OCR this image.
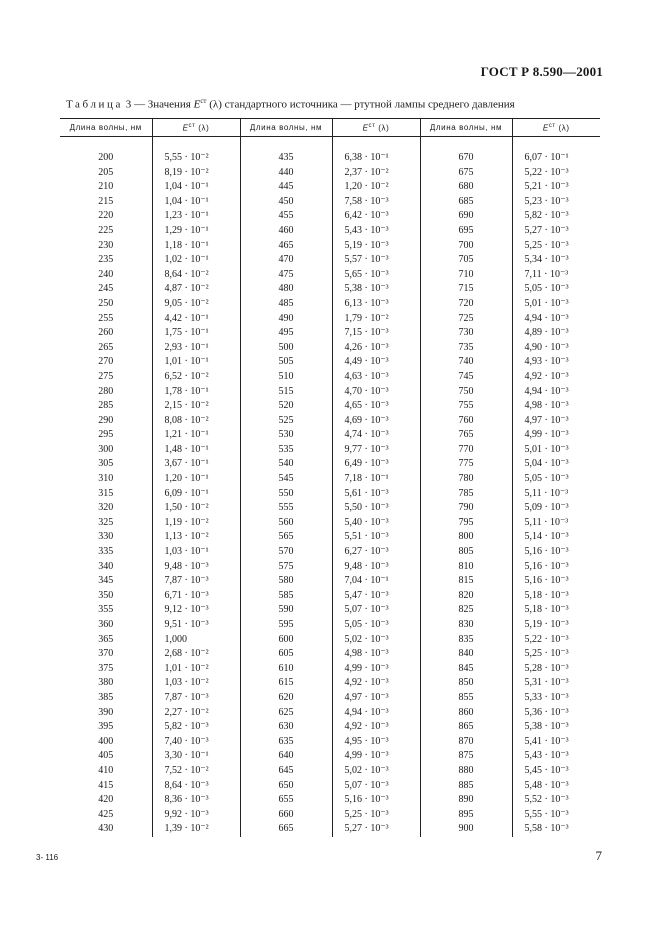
ГОСТ Р 8.590—2001
Таблица 3 — Значения $E^{ст}$ (λ) стандартного источника — ртутной лампы среднего давления
Длина волны, нм	$E^{ст}$ (λ)	Длина волны, нм	$E^{ст}$ (λ)	Длина волны, нм	$E^{ст}$ (λ)

200	5,55 · 10⁻²	435	6,38 · 10⁻¹	670	6,07 · 10⁻¹
205	8,19 · 10⁻²	440	2,37 · 10⁻²	675	5,22 · 10⁻³
210	1,04 · 10⁻¹	445	1,20 · 10⁻²	680	5,21 · 10⁻³
215	1,04 · 10⁻¹	450	7,58 · 10⁻³	685	5,23 · 10⁻³
220	1,23 · 10⁻¹	455	6,42 · 10⁻³	690	5,82 · 10⁻³
225	1,29 · 10⁻¹	460	5,43 · 10⁻³	695	5,27 · 10⁻³
230	1,18 · 10⁻¹	465	5,19 · 10⁻³	700	5,25 · 10⁻³
235	1,02 · 10⁻¹	470	5,57 · 10⁻³	705	5,34 · 10⁻³
240	8,64 · 10⁻²	475	5,65 · 10⁻³	710	7,11 · 10⁻³
245	4,87 · 10⁻²	480	5,38 · 10⁻³	715	5,05 · 10⁻³
250	9,05 · 10⁻²	485	6,13 · 10⁻³	720	5,01 · 10⁻³
255	4,42 · 10⁻¹	490	1,79 · 10⁻²	725	4,94 · 10⁻³
260	1,75 · 10⁻¹	495	7,15 · 10⁻³	730	4,89 · 10⁻³
265	2,93 · 10⁻¹	500	4,26 · 10⁻³	735	4,90 · 10⁻³
270	1,01 · 10⁻¹	505	4,49 · 10⁻³	740	4,93 · 10⁻³
275	6,52 · 10⁻²	510	4,63 · 10⁻³	745	4,92 · 10⁻³
280	1,78 · 10⁻¹	515	4,70 · 10⁻³	750	4,94 · 10⁻³
285	2,15 · 10⁻²	520	4,65 · 10⁻³	755	4,98 · 10⁻³
290	8,08 · 10⁻²	525	4,69 · 10⁻³	760	4,97 · 10⁻³
295	1,21 · 10⁻¹	530	4,74 · 10⁻³	765	4,99 · 10⁻³
300	1,48 · 10⁻¹	535	9,77 · 10⁻³	770	5,01 · 10⁻³
305	3,67 · 10⁻¹	540	6,49 · 10⁻³	775	5,04 · 10⁻³
310	1,20 · 10⁻¹	545	7,18 · 10⁻¹	780	5,05 · 10⁻³
315	6,09 · 10⁻¹	550	5,61 · 10⁻³	785	5,11 · 10⁻³
320	1,50 · 10⁻²	555	5,50 · 10⁻³	790	5,09 · 10⁻³
325	1,19 · 10⁻²	560	5,40 · 10⁻³	795	5,11 · 10⁻³
330	1,13 · 10⁻²	565	5,51 · 10⁻³	800	5,14 · 10⁻³
335	1,03 · 10⁻¹	570	6,27 · 10⁻³	805	5,16 · 10⁻³
340	9,48 · 10⁻³	575	9,48 · 10⁻³	810	5,16 · 10⁻³
345	7,87 · 10⁻³	580	7,04 · 10⁻¹	815	5,16 · 10⁻³
350	6,71 · 10⁻³	585	5,47 · 10⁻³	820	5,18 · 10⁻³
355	9,12 · 10⁻³	590	5,07 · 10⁻³	825	5,18 · 10⁻³
360	9,51 · 10⁻³	595	5,05 · 10⁻³	830	5,19 · 10⁻³
365	1,000	600	5,02 · 10⁻³	835	5,22 · 10⁻³
370	2,68 · 10⁻²	605	4,98 · 10⁻³	840	5,25 · 10⁻³
375	1,01 · 10⁻²	610	4,99 · 10⁻³	845	5,28 · 10⁻³
380	1,03 · 10⁻²	615	4,92 · 10⁻³	850	5,31 · 10⁻³
385	7,87 · 10⁻³	620	4,97 · 10⁻³	855	5,33 · 10⁻³
390	2,27 · 10⁻²	625	4,94 · 10⁻³	860	5,36 · 10⁻³
395	5,82 · 10⁻³	630	4,92 · 10⁻³	865	5,38 · 10⁻³
400	7,40 · 10⁻³	635	4,95 · 10⁻³	870	5,41 · 10⁻³
405	3,30 · 10⁻¹	640	4,99 · 10⁻³	875	5,43 · 10⁻³
410	7,52 · 10⁻²	645	5,02 · 10⁻³	880	5,45 · 10⁻³
415	8,64 · 10⁻³	650	5,07 · 10⁻³	885	5,48 · 10⁻³
420	8,36 · 10⁻³	655	5,16 · 10⁻³	890	5,52 · 10⁻³
425	9,92 · 10⁻³	660	5,25 · 10⁻³	895	5,55 · 10⁻³
430	1,39 · 10⁻²	665	5,27 · 10⁻³	900	5,58 · 10⁻³
3- 116	7
